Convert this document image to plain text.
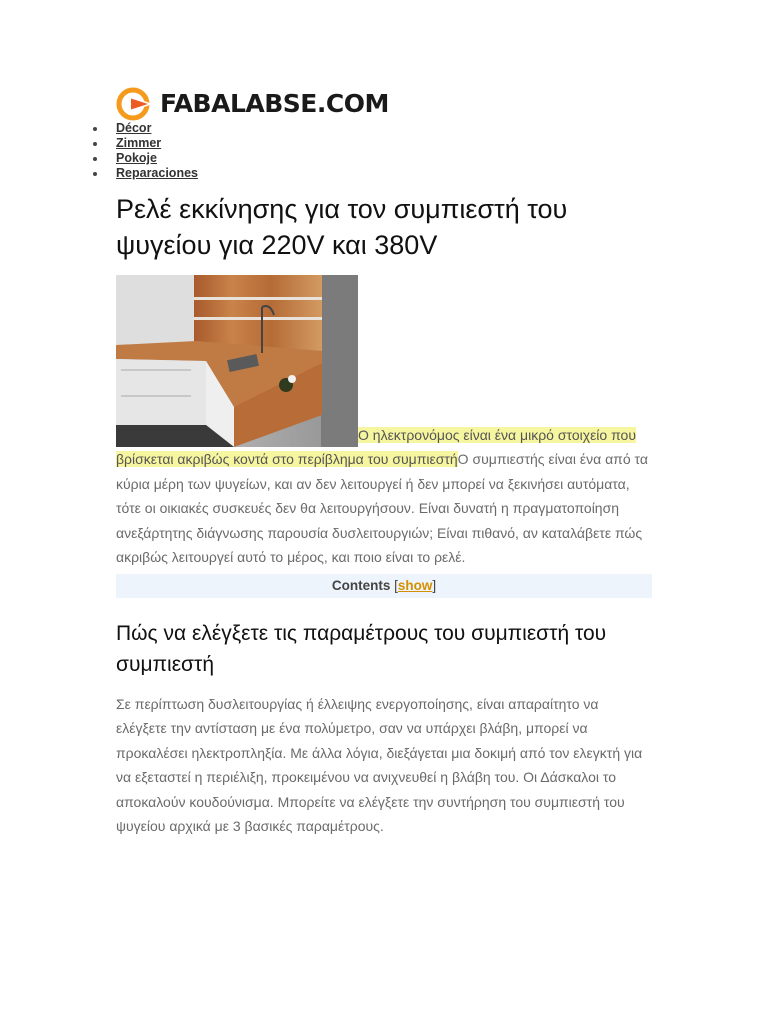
FABALABSE.COM
Décor
Zimmer
Pokoje
Reparaciones
Ρελέ εκκίνησης για τον συμπιεστή του ψυγείου για 220V και 380V

Ο ηλεκτρονόμος είναι ένα μικρό στοιχείο που βρίσκεται ακριβώς κοντά στο περίβλημα του συμπιεστήΟ συμπιεστής είναι ένα από τα κύρια μέρη των ψυγείων, και αν δεν λειτουργεί ή δεν μπορεί να ξεκινήσει αυτόματα, τότε οι οικιακές συσκευές δεν θα λειτουργήσουν. Είναι δυνατή η πραγματοποίηση ανεξάρτητης διάγνωσης παρουσία δυσλειτουργιών; Είναι πιθανό, αν καταλάβετε πώς ακριβώς λειτουργεί αυτό το μέρος, και ποιο είναι το ρελέ.

Contents [show]
Πώς να ελέγξετε τις παραμέτρους του συμπιεστή του συμπιεστή

Σε περίπτωση δυσλειτουργίας ή έλλειψης ενεργοποίησης, είναι απαραίτητο να ελέγξετε την αντίσταση με ένα πολύμετρο, σαν να υπάρχει βλάβη, μπορεί να προκαλέσει ηλεκτροπληξία. Με άλλα λόγια, διεξάγεται μια δοκιμή από τον ελεγκτή για να εξεταστεί η περιέλιξη, προκειμένου να ανιχνευθεί η βλάβη του. Οι Δάσκαλοι το αποκαλούν κουδούνισμα. Μπορείτε να ελέγξετε την συντήρηση του συμπιεστή του ψυγείου αρχικά με 3 βασικές παραμέτρους.
